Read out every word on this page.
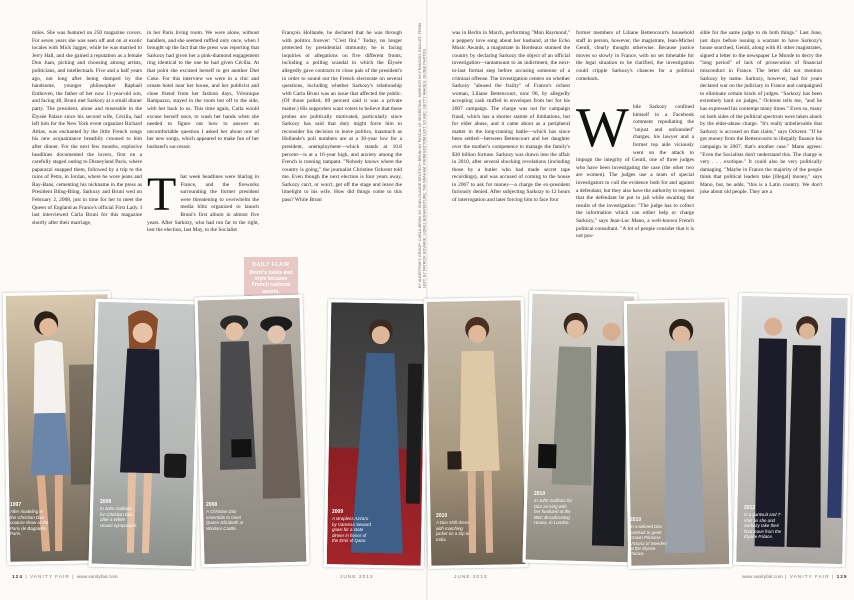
miles. She was featured on 250 magazine covers. For seven years she was seen off and on at exotic locales with Mick Jagger, while he was married to Jerry Hall, and she gained a reputation as a female Don Juan, picking and choosing among artists, politicians, and intellectuals. Five and a half years ago, not long after being dumped by the handsome, younger philosopher Raphaël Enthoven, the father of her now 11-year-old son, and facing 40, Bruni met Sarkozy at a small dinner party. The president, alone and miserable in the Élysée Palace since his second wife, Cécilia, had left him for the New York event organizer Richard Attias, was enchanted by the little French songs his new acquaintance breathily crooned to him after dinner. For the next few months, explosive headlines documented the lovers, first on a carefully staged outing to Disneyland Paris, where paparazzi snapped them, followed by a trip to the ruins of Petra, in Jordan, where he wore jeans and Ray-Bans, cementing his nickname in the press as President Bling-Bling. Sarkozy and Bruni wed on February 2, 2008, just in time for her to meet the Queen of England as France's official First Lady. I last interviewed Carla Bruni for this magazine shortly after their marriage,

in her Paris living room. We were alone, without handlers, and she seemed ruffled only once, when I brought up the fact that the press was reporting that Sarkozy had given her a pink-diamond engagement ring identical to the one he had given Cécilia. At that point she excused herself to get another Diet Coke. For this interview we were in a chic and ornate hotel near her house, and her publicist and close friend from her fashion days, Véronique Rampazzo, stayed in the room but off to the side, with her back to us. This time again, Carla would excuse herself once, to wash her hands when she needed to figure out how to answer an uncomfortable question I asked her about one of her new songs, which appeared to make fun of her husband's successor.

That week headlines were blaring in France, and the fireworks surrounding the former president were threatening to overwhelm the media blitz organized to launch Bruni's first album in almost five years. After Sarkozy, who had run far to the right, lost the election, last May, to the Socialist

François Hollande, he declared that he was through with politics forever: "C'est fini." Today, no longer protected by presidential immunity, he is facing inquiries or allegations on five different fronts, including a polling scandal in which the Élysée allegedly gave contracts to close pals of the president's in order to sound out the French electorate on several questions, including whether Sarkozy's relationship with Carla Bruni was an issue that affected the public. (Of those polled, 89 percent said it was a private matter.) His supporters want voters to believe that these probes are politically motivated, particularly since Sarkozy has said that duty might force him to reconsider his decision to leave politics, inasmuch as Hollande's poll numbers are at a 30-year low for a president, unemployment—which stands at 10.8 percent—is at a 16-year high, and anxiety among the French is running rampant. "Nobody knows where the country is going," the journalist Christine Ockrent told me. Even though the next election is four years away, Sarkozy can't, or won't, get off the stage and leave the limelight to his wife. How did things come to this pass? While Bruni

DAILY FLAIR
Bruni's looks and style became French national assets.
BY ALBERTINE'S GROUP; CARLA-BRUNI BY JEAN-CLAUDE DEUTSCH; BRUNI BY PASCAL LE SEGRETAIN; SARKOZY BY FRANCOIS GUILLOT; FROM LEFT, BY PATRICK KOVARIK; LIONEL BONAVENTURE; TIM GRAHAM; FROM BOTTOM LEFT, BY ABC; GETTY IMAGES; GLOBE PHOTOS

was in Berlin in March, performing "Mon Raymond," a peppery love song about her husband, at the Echo Music Awards, a magistrate in Bordeaux stunned the country by declaring Sarkozy the object of an official investigation—tantamount to an indictment, the next-to-last formal step before accusing someone of a criminal offense. The investigation centers on whether Sarkozy "abused the frailty" of France's richest woman, Liliane Bettencourt, now 90, by allegedly accepting cash stuffed in envelopes from her for his 2007 campaign. The charge was not for campaign fraud, which has a shorter statute of limitations, but for elder abuse, and it came about as a peripheral matter in the long-running battle—which has since been settled—between Bettencourt and her daughter over the mother's competence to manage the family's $30 billion fortune. Sarkozy was drawn into the affair in 2010, after several shocking revelations (including those by a butler who had made secret tape recordings), and was accused of coming to the house in 2007 to ask for money—a charge the ex-president furiously denied. After subjecting Sarkozy to 12 hours of interrogation and later forcing him to face four

former members of Liliane Bettencourt's household staff in person, however, the magistrate, Jean-Michel Gentil, clearly thought otherwise. Because justice moves so slowly in France, with no set timetable for the legal situation to be clarified, the investigation could cripple Sarkozy's chances for a political comeback.

While Sarkozy confined himself to a Facebook comment repudiating the "unjust and unfounded" charges, his lawyer and a former top aide viciously went on the attack to impugn the integrity of Gentil, one of three judges who have been investigating the case (the other two are women). The judges use a team of special investigators to cull the evidence both for and against a defendant, but they also have the authority to request that the defendant be put in jail while awaiting the results of the investigation: "The judge has to collect the information which can either help or charge Sarkozy," says Jean-Luc Mano, a well-known French political consultant. "A lot of people consider that it is not pos-

sible for the same judge to do both things." Last June, just days before issuing a warrant to have Sarkozy's house searched, Gentil, along with 81 other magistrates, signed a letter to the newspaper Le Monde to decry the "long period" of lack of prosecution of financial misconduct in France. The letter did not mention Sarkozy by name. Sarkozy, however, had for years declared war on the judiciary in France and campaigned to eliminate certain kinds of judges. "Sarkozy has been extremely hard on judges," Ockrent tells me, "and he has expressed his contempt many times." Even so, many on both sides of the political spectrum were taken aback by the elder-abuse charge. "It's really unbelievable that Sarkozy is accused on that claim," says Ockrent. "If he got money from the Bettencourts to illegally finance his campaign in 2007, that's another case." Mano agrees: "Even the Socialists don't understand this. The charge is very . . . exotique." It could also be very politically damaging. "Maybe in France the majority of the people think that political leaders take [illegal] money," says Mano, but, he adds, "this is a Latin country. We don't joke about old people. They are a

1997
After modeling in the Christian Dior couture show at the Paris de Bagatelle, Paris.
2008
In John Galliano for Christian Dior, after a White House symposium.
2008
A Christian Dior ensemble to meet Queen Elizabeth at Windsor Castle.
2009
A strapless Azzaro by Vanessa Seward gown for a state dinner in honor of the Emir of Qatar.
2010
A Dior shift dress with matching jacket on a trip to India.
2010
In John Galliano for Dior arriving with her husband at the BBC Broadcasting House, in London.	2010
In a tailored Dior pantsuit to greet Crown Princess Victoria of Sweden at the Élysée Palace.
2012
In a pantsuit and T-shirt as she and Sarkozy take their final leave from the Élysée Palace.
124 | VANITY FAIR | www.vanityfair.com	JUNE 2013	JUNE 2013	www.vanityfair.com | VANITY FAIR | 125
